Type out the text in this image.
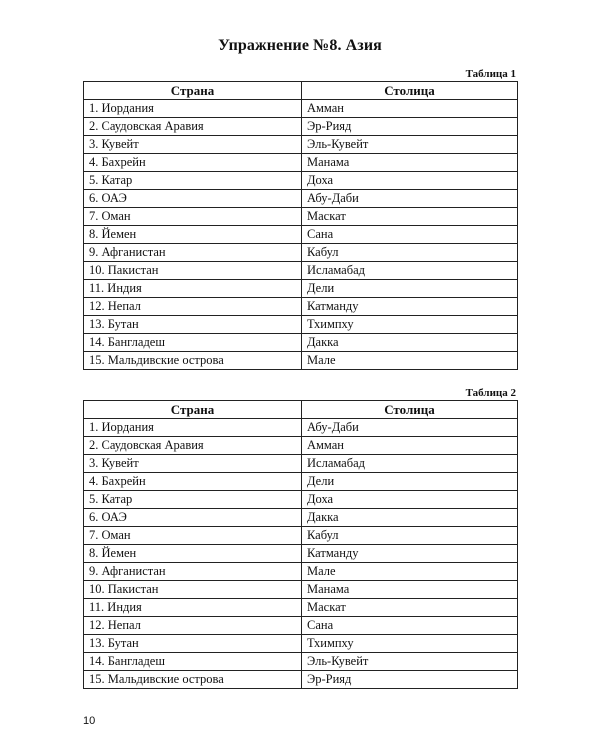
Упражнение №8. Азия
Таблица 1
Страна	Столица
1. Иордания	Амман
2. Саудовская Аравия	Эр-Рияд
3. Кувейт	Эль-Кувейт
4. Бахрейн	Манама
5. Катар	Доха
6. ОАЭ	Абу-Даби
7. Оман	Маскат
8. Йемен	Сана
9. Афганистан	Кабул
10. Пакистан	Исламабад
11. Индия	Дели
12. Непал	Катманду
13. Бутан	Тхимпху
14. Бангладеш	Дакка
15. Мальдивские острова	Мале
Таблица 2
Страна	Столица
1. Иордания	Абу-Даби
2. Саудовская Аравия	Амман
3. Кувейт	Исламабад
4. Бахрейн	Дели
5. Катар	Доха
6. ОАЭ	Дакка
7. Оман	Кабул
8. Йемен	Катманду
9. Афганистан	Мале
10. Пакистан	Манама
11. Индия	Маскат
12. Непал	Сана
13. Бутан	Тхимпху
14. Бангладеш	Эль-Кувейт
15. Мальдивские острова	Эр-Рияд
10
